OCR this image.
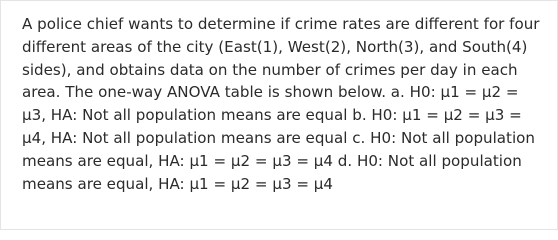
A police chief wants to determine if crime rates are different for four different areas of the city (East(1), West(2), North(3), and South(4) sides), and obtains data on the number of crimes per day in each area. The one-way ANOVA table is shown below. a. H0: μ1 = μ2 = μ3, HA: Not all population means are equal b. H0: μ1 = μ2 = μ3 = μ4, HA: Not all population means are equal c. H0: Not all population means are equal, HA: μ1 = μ2 = μ3 = μ4 d. H0: Not all population means are equal, HA: μ1 = μ2 = μ3 = μ4
